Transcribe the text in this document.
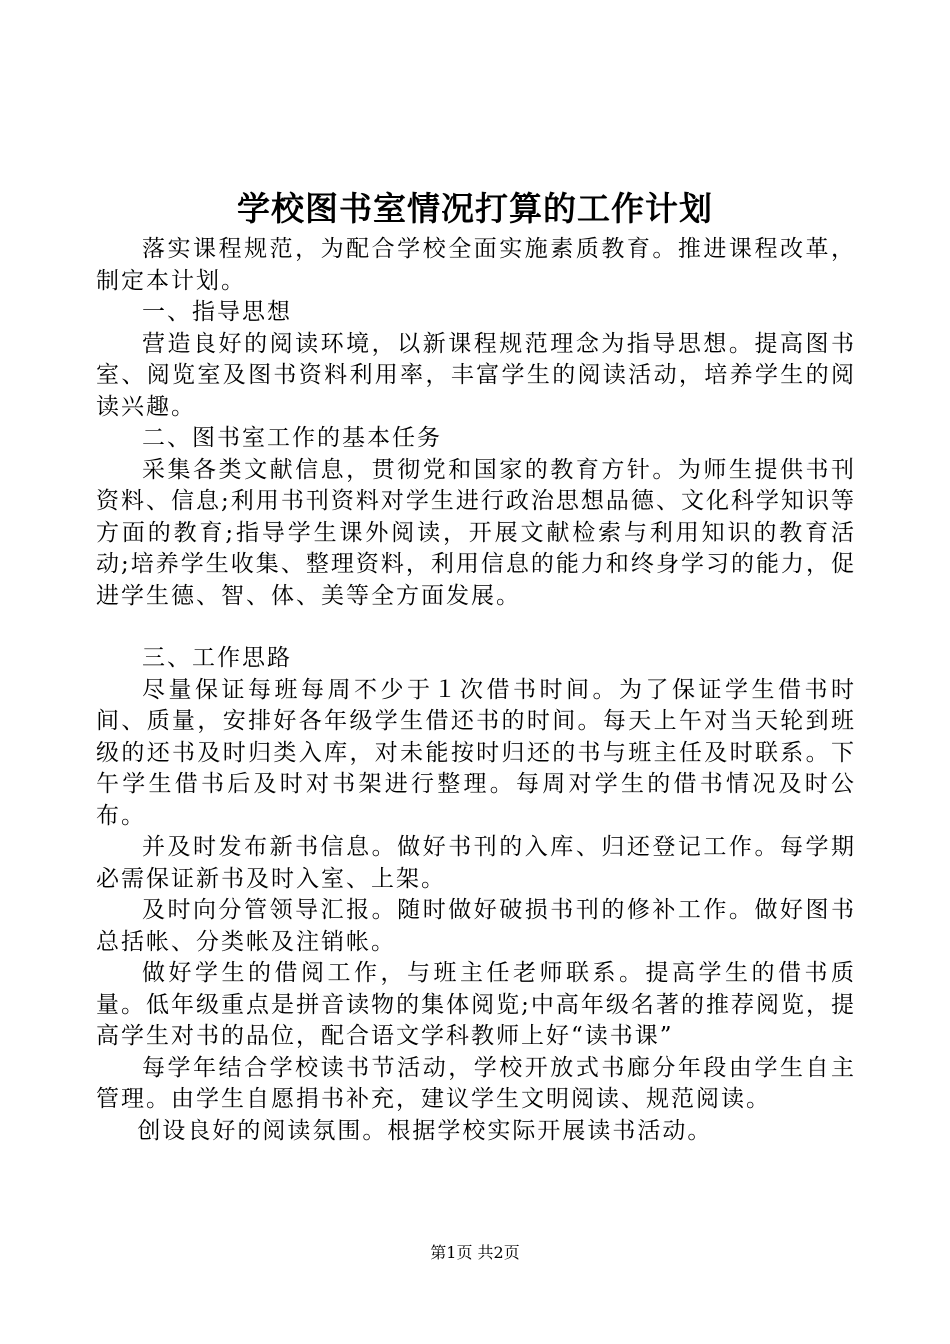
学校图书室情况打算的工作计划

落实课程规范，为配合学校全面实施素质教育。推进课程改革，制定本计划。

一、指导思想

营造良好的阅读环境，以新课程规范理念为指导思想。提高图书室、阅览室及图书资料利用率，丰富学生的阅读活动，培养学生的阅读兴趣。

二、图书室工作的基本任务

采集各类文献信息，贯彻党和国家的教育方针。为师生提供书刊资料、信息;利用书刊资料对学生进行政治思想品德、文化科学知识等方面的教育;指导学生课外阅读，开展文献检索与利用知识的教育活动;培养学生收集、整理资料，利用信息的能力和终身学习的能力，促进学生德、智、体、美等全方面发展。

三、工作思路

尽量保证每班每周不少于１次借书时间。为了保证学生借书时间、质量，安排好各年级学生借还书的时间。每天上午对当天轮到班级的还书及时归类入库，对未能按时归还的书与班主任及时联系。下午学生借书后及时对书架进行整理。每周对学生的借书情况及时公布。

并及时发布新书信息。做好书刊的入库、归还登记工作。每学期必需保证新书及时入室、上架。

及时向分管领导汇报。随时做好破损书刊的修补工作。做好图书总括帐、分类帐及注销帐。

做好学生的借阅工作，与班主任老师联系。提高学生的借书质量。低年级重点是拼音读物的集体阅览;中高年级名著的推荐阅览，提高学生对书的品位，配合语文学科教师上好“读书课”

每学年结合学校读书节活动，学校开放式书廊分年段由学生自主管理。由学生自愿捐书补充，建议学生文明阅读、规范阅读。

创设良好的阅读氛围。根据学校实际开展读书活动。

第1页 共2页
